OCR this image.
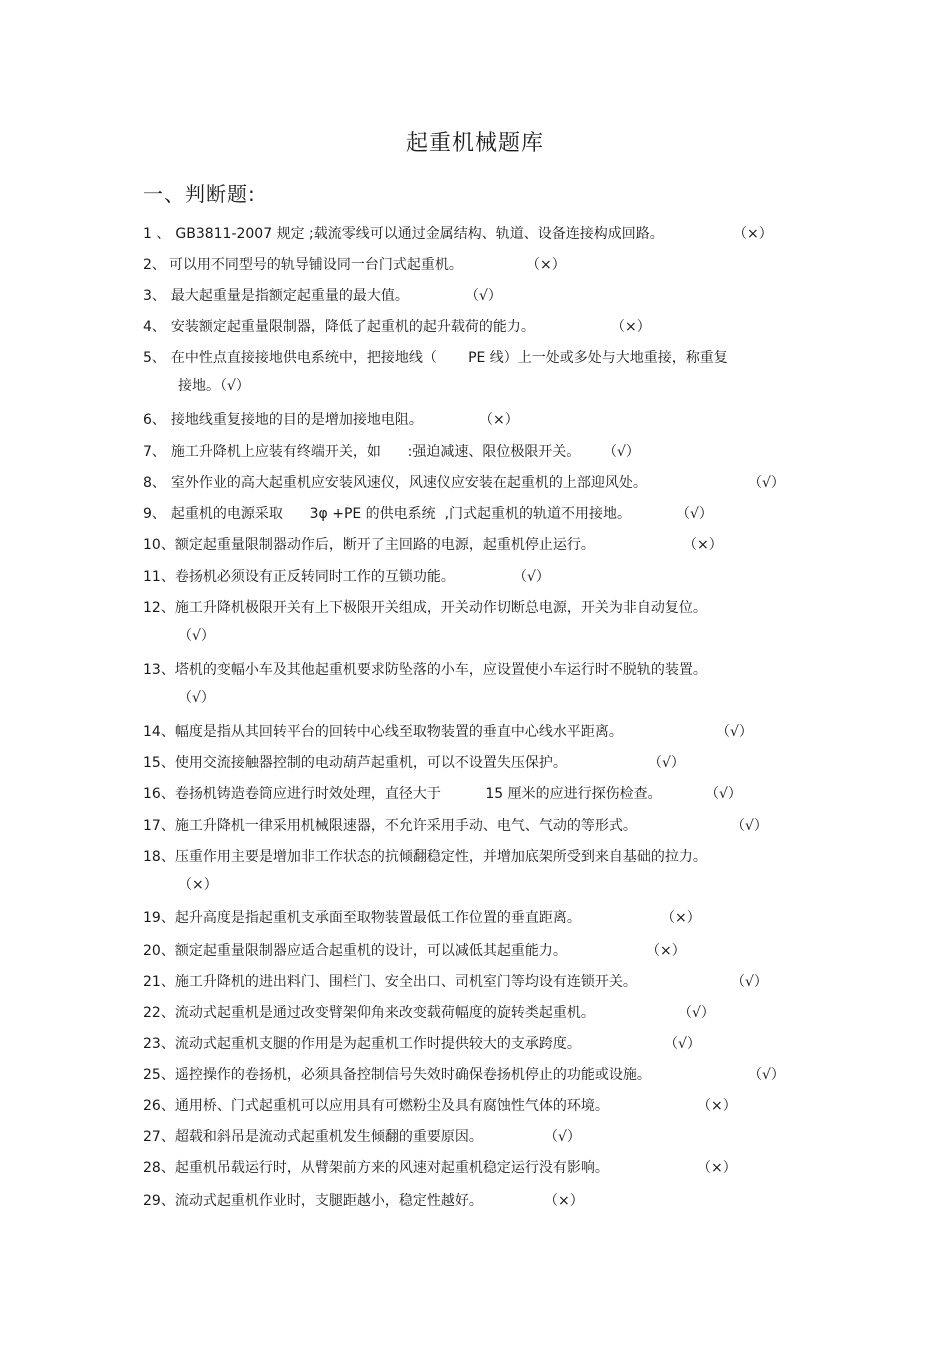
起重机械题库
一、判断题:
1 、 GB3811-2007 规定 ;载流零线可以通过金属结构、轨道、设备连接构成回路。	（×）
2、 可以用不同型号的轨导铺设同一台门式起重机。	（×）
3、 最大起重量是指额定起重量的最大值。	（√）
4、 安装额定起重量限制器，降低了起重机的起升载荷的能力。	（×）
5、 在中性点直接接地供电系统中，把接地线（       PE 线）上一处或多处与大地重接，称重复
接地。（√）
6、 接地线重复接地的目的是增加接地电阻。	（×）
7、 施工升降机上应装有终端开关，如      :强迫减速、限位极限开关。 （√）
8、 室外作业的高大起重机应安装风速仪，风速仪应安装在起重机的上部迎风处。	（√）
9、 起重机的电源采取      3φ +PE 的供电系统  ,门式起重机的轨道不用接地。	（√）
10、额定起重量限制器动作后，断开了主回路的电源，起重机停止运行。	（×）
11、卷扬机必须设有正反转同时工作的互锁功能。	（√）
12、施工升降机极限开关有上下极限开关组成，开关动作切断总电源，开关为非自动复位。
（√）
13、塔机的变幅小车及其他起重机要求防坠落的小车，应设置使小车运行时不脱轨的装置。
（√）
14、幅度是指从其回转平台的回转中心线至取物装置的垂直中心线水平距离。	（√）
15、使用交流接触器控制的电动葫芦起重机，可以不设置失压保护。	（√）
16、卷扬机铸造卷筒应进行时效处理，直径大于          15 厘米的应进行探伤检查。	（√）
17、施工升降机一律采用机械限速器，不允许采用手动、电气、气动的等形式。	（√）
18、压重作用主要是增加非工作状态的抗倾翻稳定性，并增加底架所受到来自基础的拉力。
（×）
19、起升高度是指起重机支承面至取物装置最低工作位置的垂直距离。	（×）
20、额定起重量限制器应适合起重机的设计，可以减低其起重能力。	（×）
21、施工升降机的进出料门、围栏门、安全出口、司机室门等均设有连锁开关。	（√）
22、流动式起重机是通过改变臂架仰角来改变载荷幅度的旋转类起重机。	（√）
23、流动式起重机支腿的作用是为起重机工作时提供较大的支承跨度。	（√）
25、遥控操作的卷扬机，必须具备控制信号失效时确保卷扬机停止的功能或设施。	（√）
26、通用桥、门式起重机可以应用具有可燃粉尘及具有腐蚀性气体的环境。	（×）
27、超载和斜吊是流动式起重机发生倾翻的重要原因。	（√）
28、起重机吊载运行时，从臂架前方来的风速对起重机稳定运行没有影响。	（×）
29、流动式起重机作业时，支腿距越小，稳定性越好。	（×）
